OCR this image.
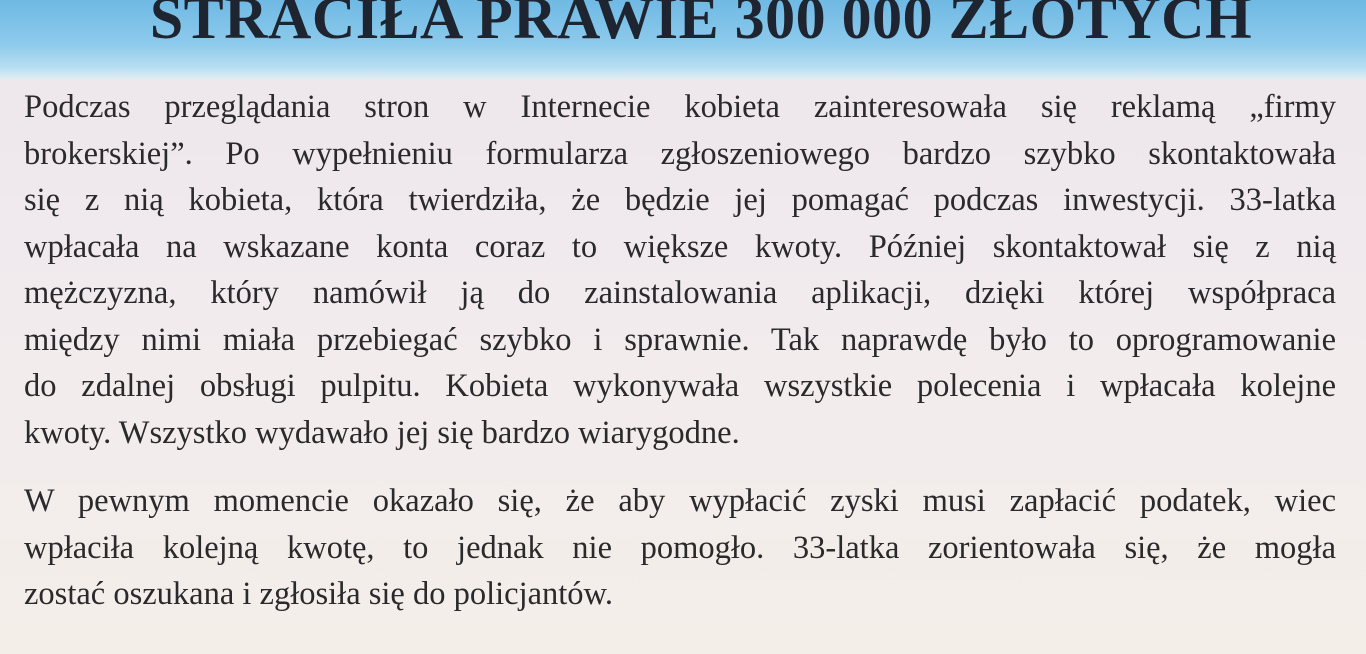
STRACIŁA PRAWIE 300 000 ZŁOTYCH
Podczas przeglądania stron w Internecie kobieta zainteresowała się reklamą „firmy
brokerskiej”. Po wypełnieniu formularza zgłoszeniowego bardzo szybko skontaktowała
się z nią kobieta, która twierdziła, że będzie jej pomagać podczas inwestycji. 33-latka
wpłacała na wskazane konta coraz to większe kwoty. Później skontaktował się z nią
mężczyzna, który namówił ją do zainstalowania aplikacji, dzięki której współpraca
między nimi miała przebiegać szybko i sprawnie. Tak naprawdę było to oprogramowanie
do zdalnej obsługi pulpitu. Kobieta wykonywała wszystkie polecenia i wpłacała kolejne
kwoty. Wszystko wydawało jej się bardzo wiarygodne.
W pewnym momencie okazało się, że aby wypłacić zyski musi zapłacić podatek, wiec
wpłaciła kolejną kwotę, to jednak nie pomogło. 33-latka zorientowała się, że mogła
zostać oszukana i zgłosiła się do policjantów.
